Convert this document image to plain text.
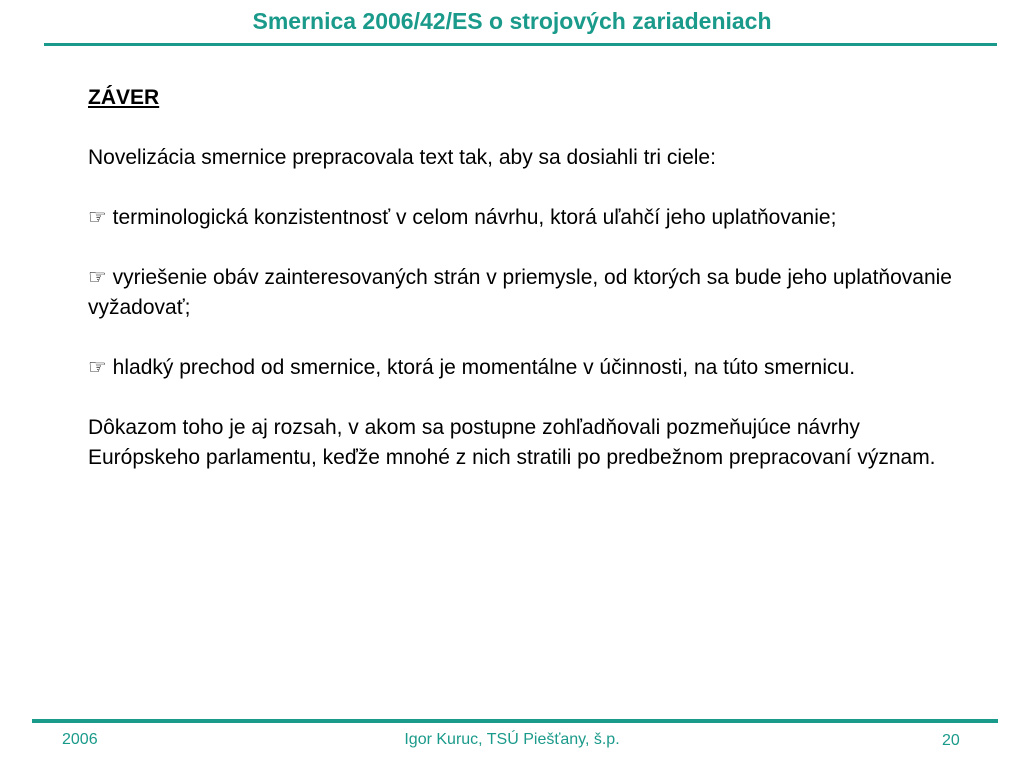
Smernica 2006/42/ES o strojových zariadeniach

ZÁVER

Novelizácia smernice prepracovala text tak, aby sa dosiahli tri ciele:

☞ terminologická konzistentnosť v celom návrhu, ktorá uľahčí jeho uplatňovanie;

☞ vyriešenie obáv zainteresovaných strán v priemysle, od ktorých sa bude jeho uplatňovanie vyžadovať;

☞ hladký prechod od smernice, ktorá je momentálne v účinnosti, na túto smernicu.

Dôkazom toho je aj rozsah, v akom sa postupne zohľadňovali pozmeňujúce návrhy Európskeho parlamentu, keďže mnohé z nich stratili po predbežnom prepracovaní význam.

2006	Igor Kuruc, TSÚ Piešťany, š.p.	20
